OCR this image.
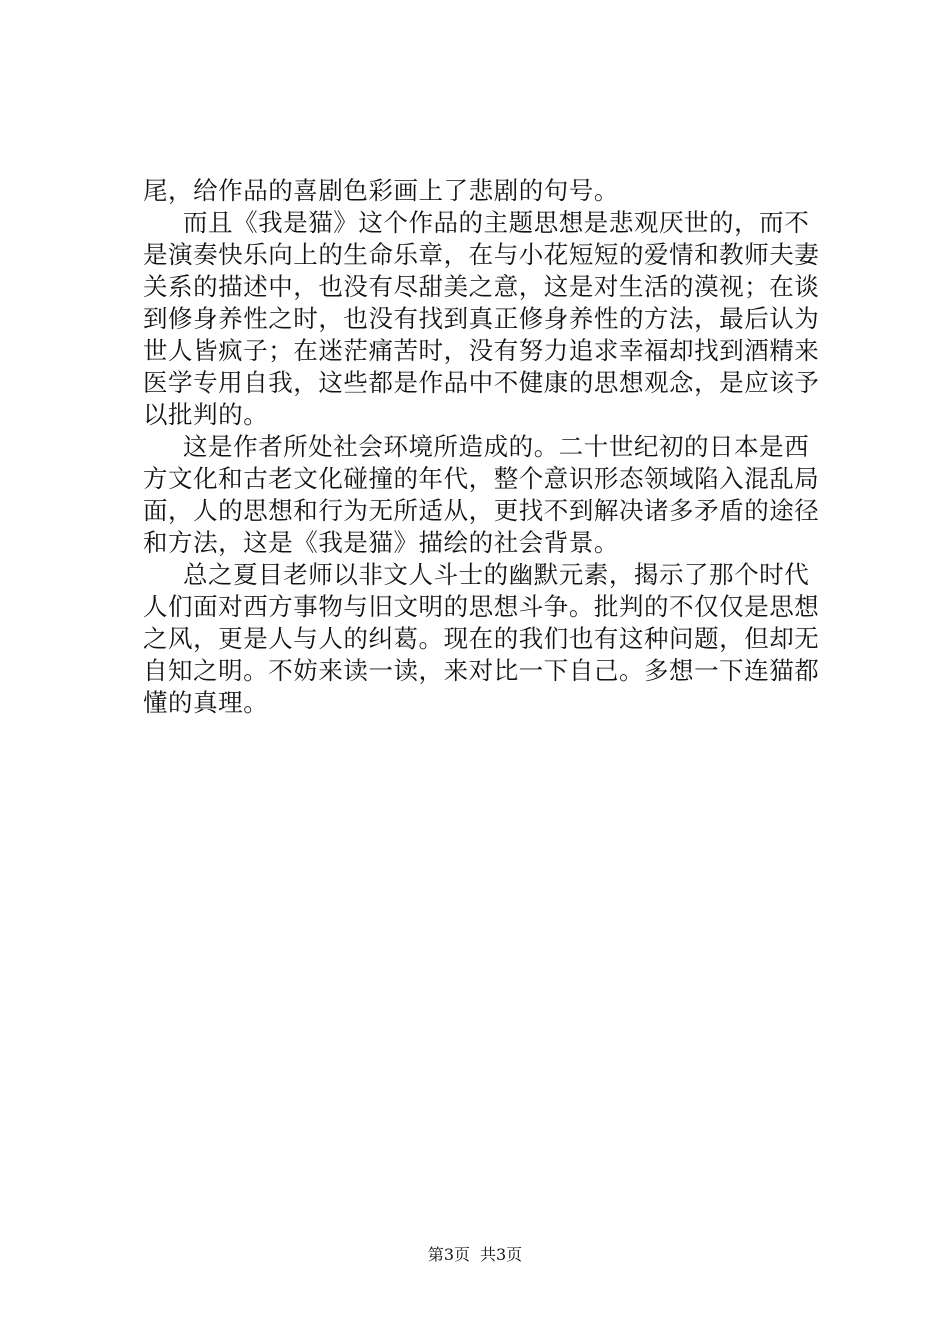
尾，给作品的喜剧色彩画上了悲剧的句号。
而且《我是猫》这个作品的主题思想是悲观厌世的，而不
是演奏快乐向上的生命乐章，在与小花短短的爱情和教师夫妻
关系的描述中，也没有尽甜美之意，这是对生活的漠视；在谈
到修身养性之时，也没有找到真正修身养性的方法，最后认为
世人皆疯子；在迷茫痛苦时，没有努力追求幸福却找到酒精来
医学专用自我，这些都是作品中不健康的思想观念，是应该予
以批判的。
这是作者所处社会环境所造成的。二十世纪初的日本是西
方文化和古老文化碰撞的年代，整个意识形态领域陷入混乱局
面，人的思想和行为无所适从，更找不到解决诸多矛盾的途径
和方法，这是《我是猫》描绘的社会背景。
总之夏目老师以非文人斗士的幽默元素，揭示了那个时代
人们面对西方事物与旧文明的思想斗争。批判的不仅仅是思想
之风，更是人与人的纠葛。现在的我们也有这种问题，但却无
自知之明。不妨来读一读，来对比一下自己。多想一下连猫都
懂的真理。
第3页 共3页
